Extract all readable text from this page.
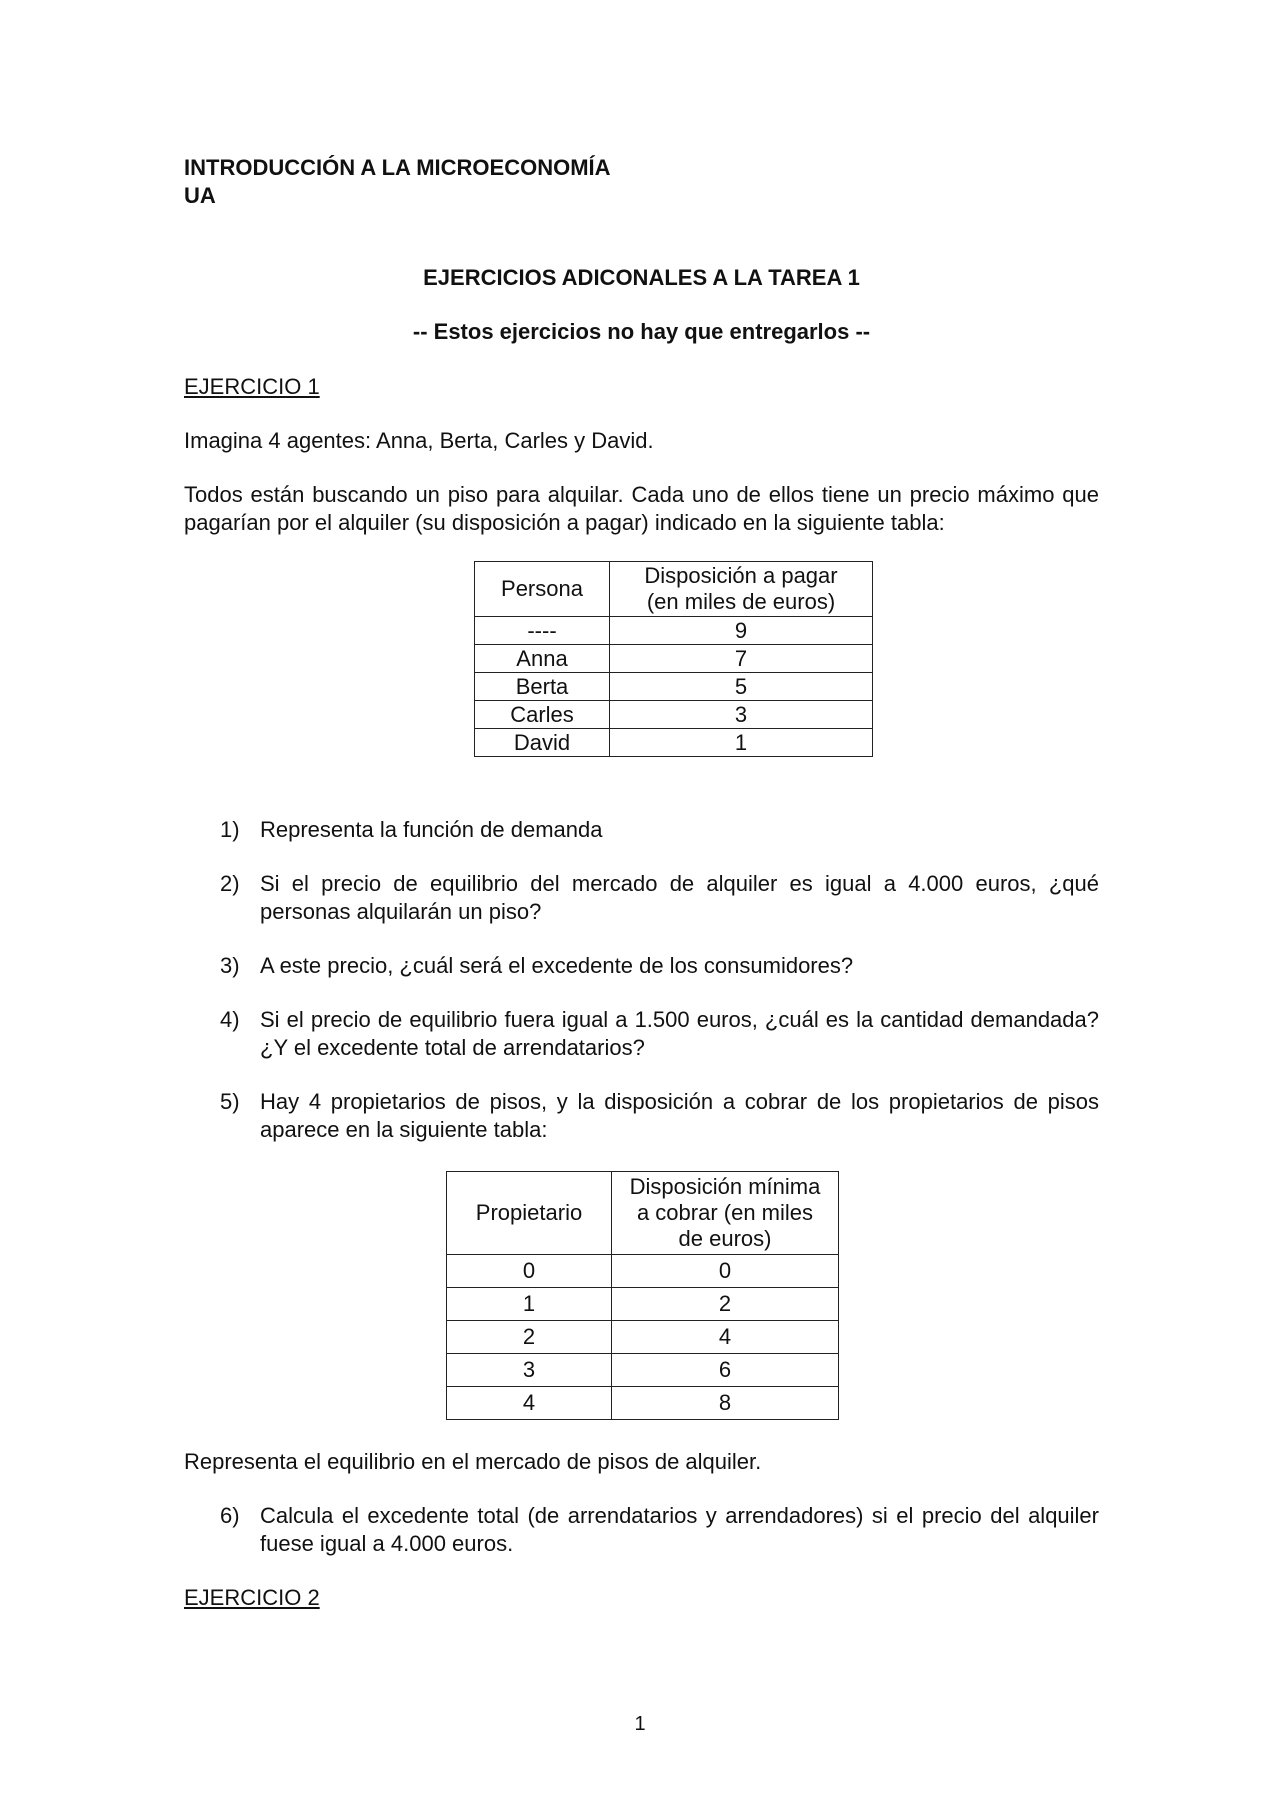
INTRODUCCIÓN A LA MICROECONOMÍA
UA
EJERCICIOS ADICONALES A LA TAREA 1
-- Estos ejercicios no hay que entregarlos --
EJERCICIO 1
Imagina 4 agentes: Anna, Berta, Carles y David.
Todos están buscando un piso para alquilar. Cada uno de ellos tiene un precio máximo que pagarían por el alquiler (su disposición a pagar) indicado en la siguiente tabla:
Persona	Disposición a pagar
(en miles de euros)

----	9
Anna	7
Berta	5
Carles	3
David	1
1) Representa la función de demanda
2) Si el precio de equilibrio del mercado de alquiler es igual a 4.000 euros, ¿qué personas alquilarán un piso?
3) A este precio, ¿cuál será el excedente de los consumidores?
4) Si el precio de equilibrio fuera igual a 1.500 euros, ¿cuál es la cantidad demandada? ¿Y el excedente total de arrendatarios?
5) Hay 4 propietarios de pisos, y la disposición a cobrar de los propietarios de pisos aparece en la siguiente tabla:
Propietario	Disposición mínima
a cobrar (en miles
de euros)

0	0
1	2
2	4
3	6
4	8
Representa el equilibrio en el mercado de pisos de alquiler.
6) Calcula el excedente total (de arrendatarios y arrendadores) si el precio del alquiler fuese igual a 4.000 euros.
EJERCICIO 2
1
